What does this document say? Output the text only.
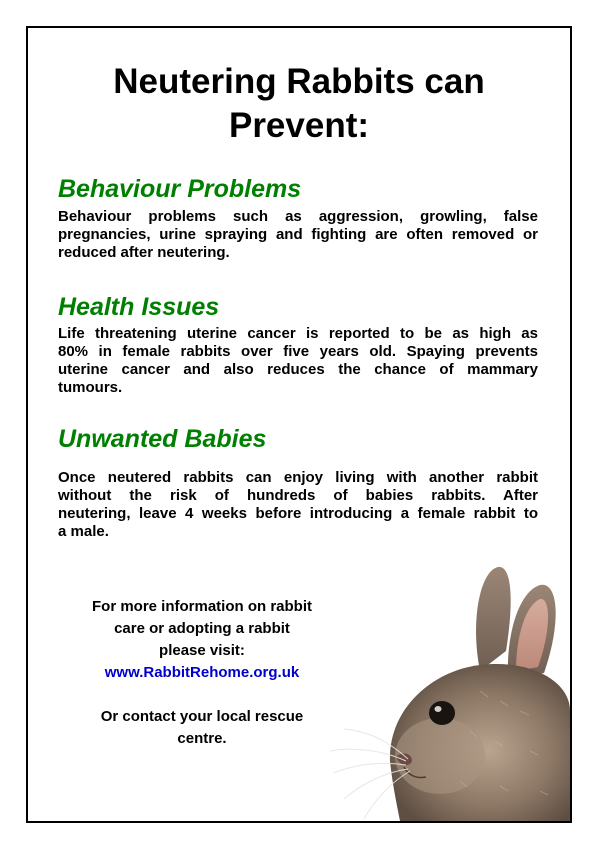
Neutering Rabbits can
Prevent:
Behaviour Problems
Behaviour problems such as aggression, growling, false
pregnancies, urine spraying and fighting are often removed or
reduced after neutering.
Health Issues
Life threatening uterine cancer is reported to be as high as
80% in female rabbits over five years old. Spaying prevents
uterine cancer and also reduces the chance of mammary
tumours.
Unwanted Babies
Once neutered rabbits can enjoy living with another rabbit
without the risk of hundreds of babies rabbits. After
neutering, leave 4 weeks before introducing a female rabbit to
a male.
For more information on rabbit
care or adopting a rabbit
please visit:
www.RabbitRehome.org.uk
Or contact your local rescue
centre.
